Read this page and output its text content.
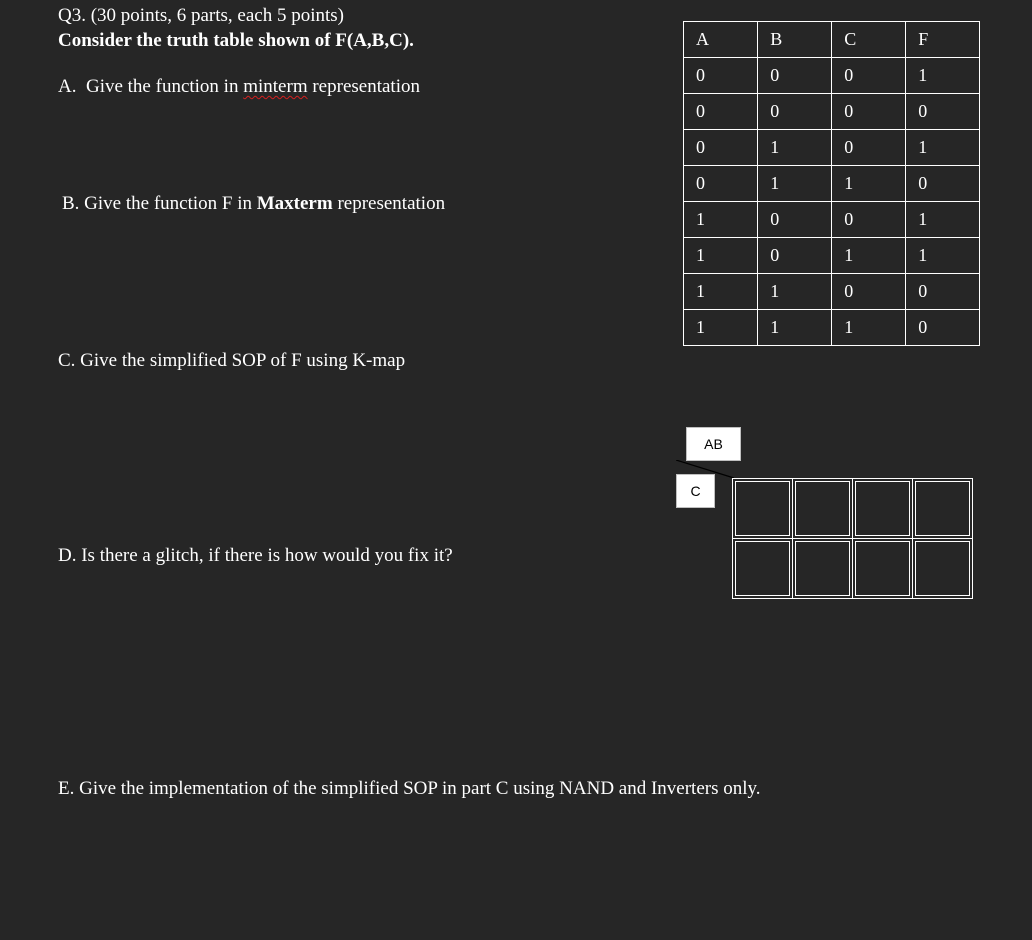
Q3. (30 points, 6 parts, each 5 points)

Consider the truth table shown of F(A,B,C).

A.  Give the function in minterm representation

B. Give the function F in Maxterm representation

C. Give the simplified SOP of F using K-map

D. Is there a glitch, if there is how would you fix it?

E. Give the implementation of the simplified SOP in part C using NAND and Inverters only.

A	B	C	F
0	0	0	1
0	0	0	0
0	1	0	1
0	1	1	0
1	0	0	1
1	0	1	1
1	1	0	0
1	1	1	0
AB
C
